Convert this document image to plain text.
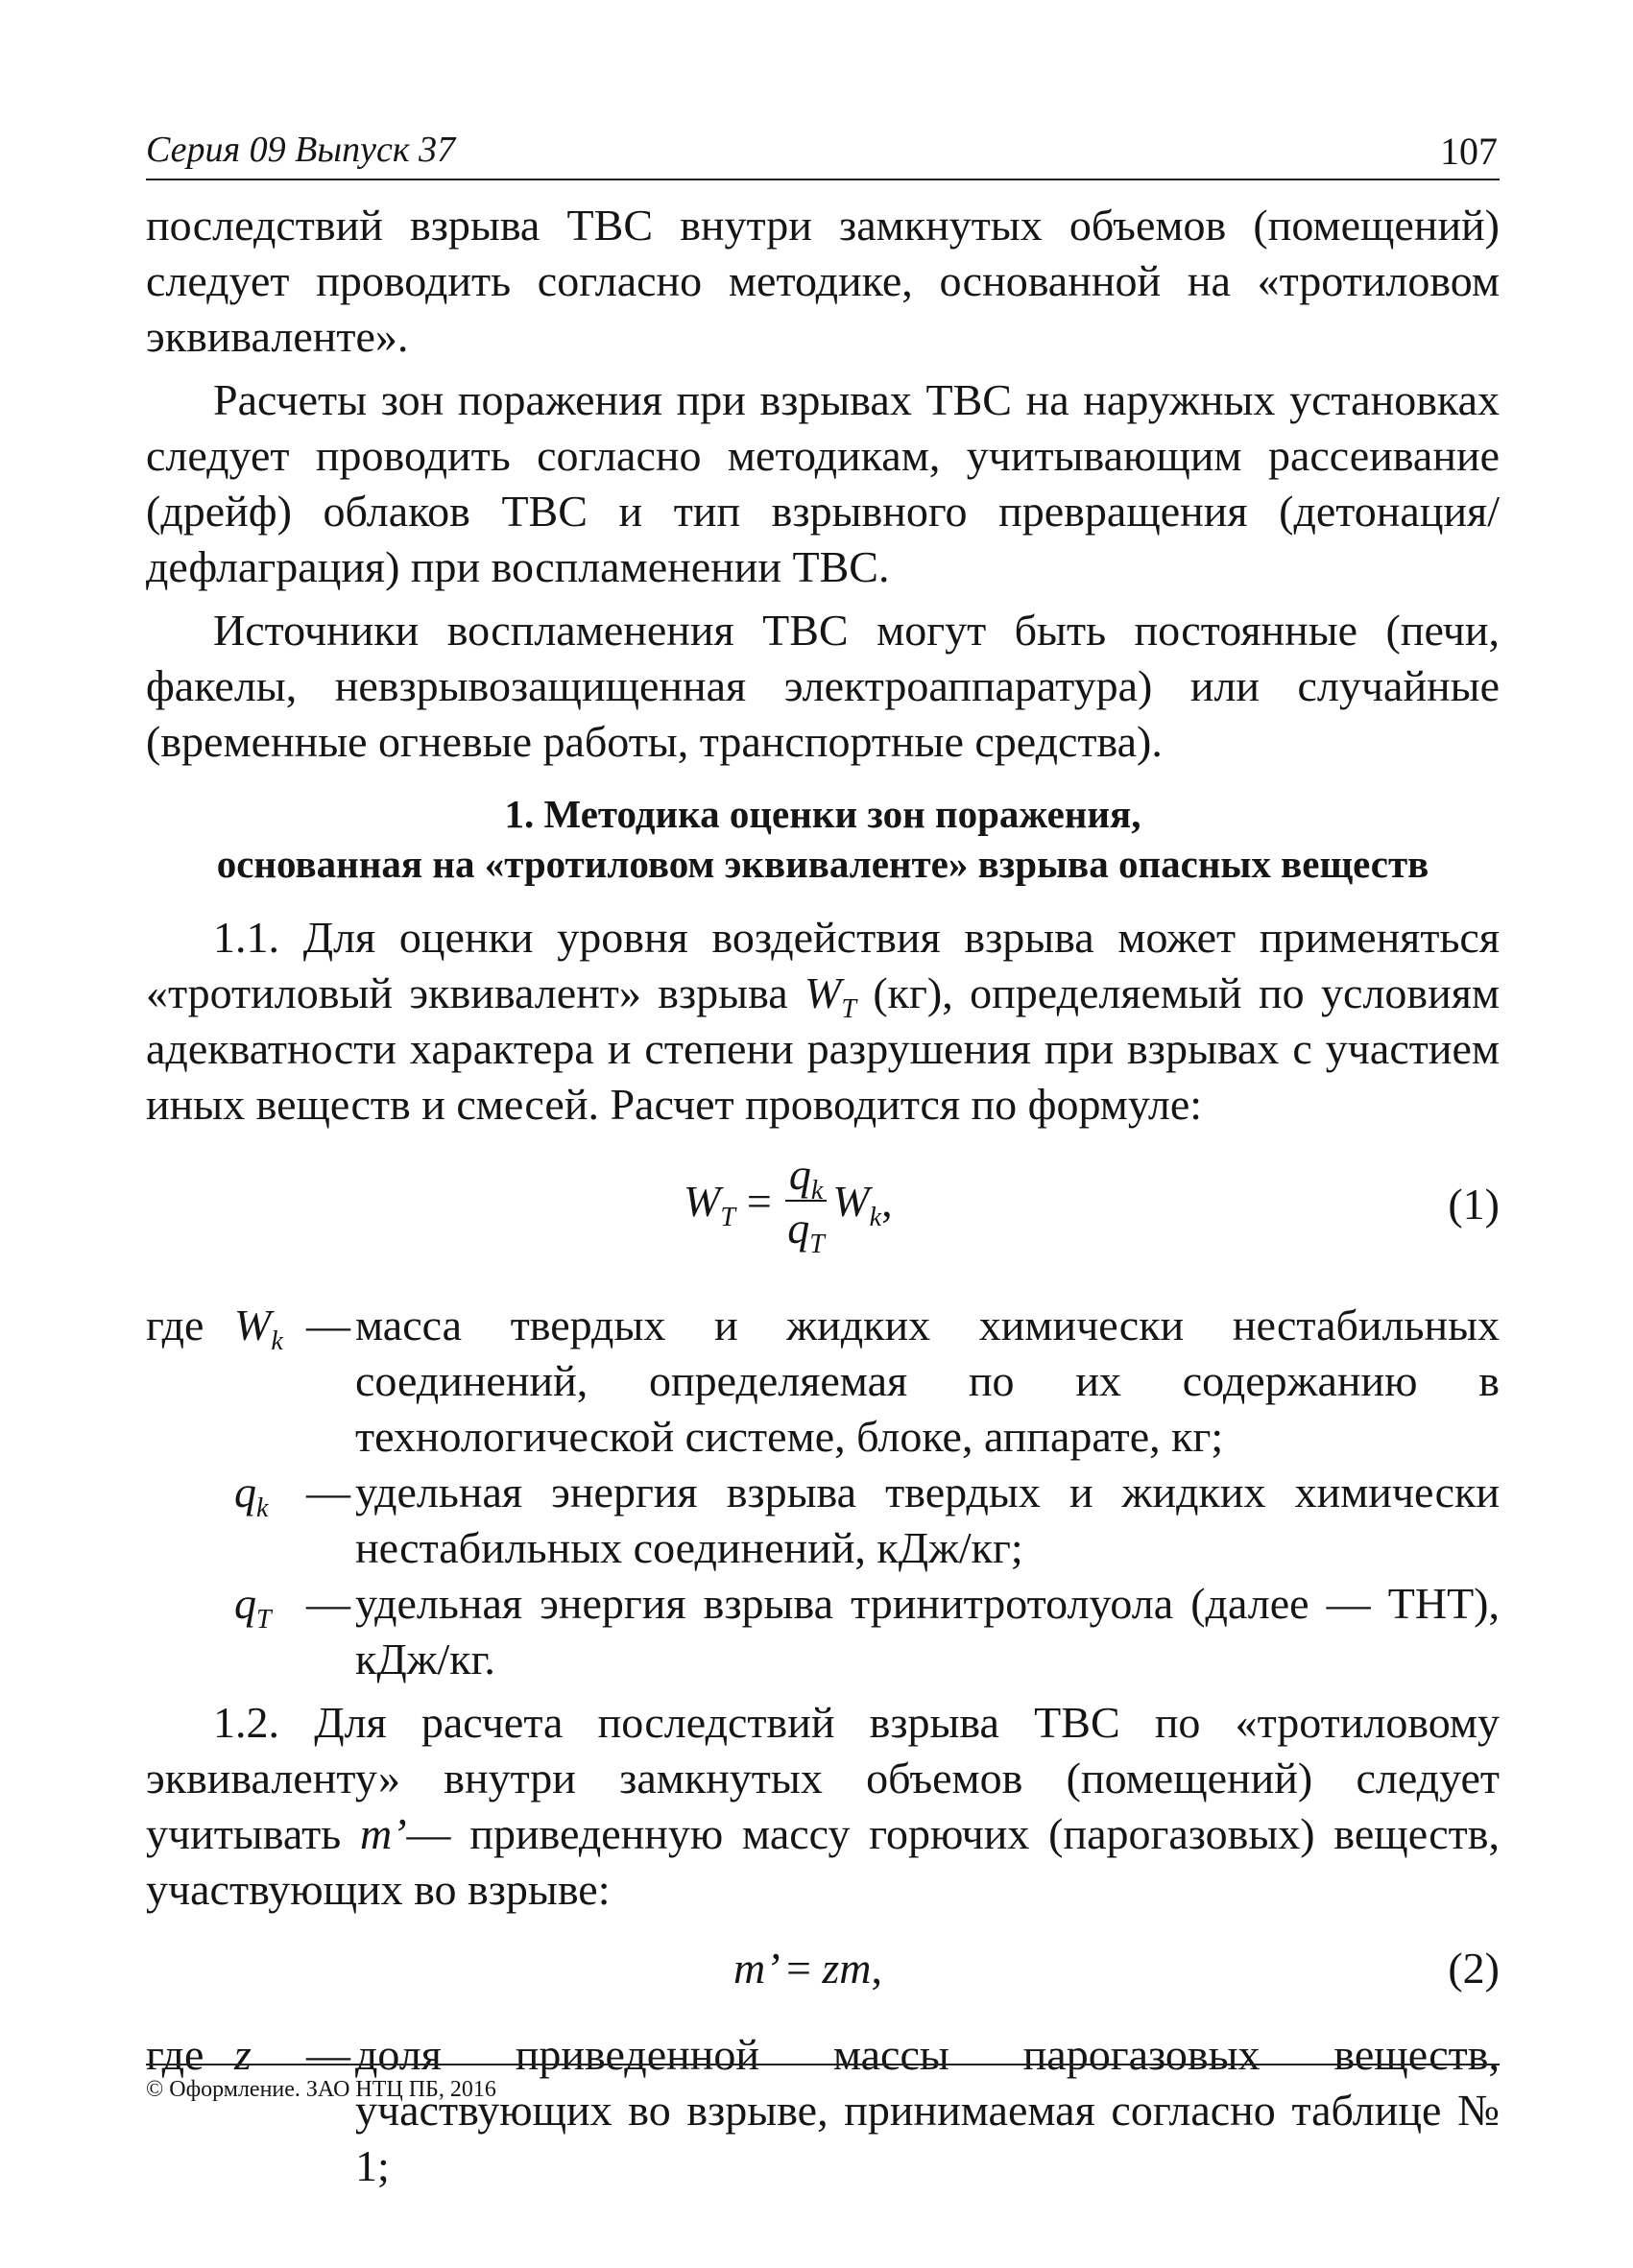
Серия 09 Выпуск 37	107

последствий взрыва ТВС внутри замкнутых объемов (помещений) следует проводить согласно методике, основанной на «тротиловом эквиваленте».

Расчеты зон поражения при взрывах ТВС на наружных установках следует проводить согласно методикам, учитывающим рассеивание (дрейф) облаков ТВС и тип взрывного превращения (детонация/дефлаграция) при воспламенении ТВС.

Источники воспламенения ТВС могут быть постоянные (печи, факелы, невзрывозащищенная электроаппаратура) или случайные (временные огневые работы, транспортные средства).

1. Методика оценки зон поражения,
основанная на «тротиловом эквиваленте» взрыва опасных веществ

1.1. Для оценки уровня воздействия взрыва может применяться «тротиловый эквивалент» взрыва $W_T$ (кг), определяемый по условиям адекватности характера и степени разрушения при взрывах с участием иных веществ и смесей. Расчет проводится по формуле:

$W_T = \frac{q_k}{q_T} W_k$,	(1)
где $W_k$ — масса твердых и жидких химически нестабильных соединений, определяемая по их содержанию в технологической системе, блоке, аппарате, кг;
$q_k$ — удельная энергия взрыва твердых и жидких химически нестабильных соединений, кДж/кг;
$q_T$ — удельная энергия взрыва тринитротолуола (далее — ТНТ), кДж/кг.

1.2. Для расчета последствий взрыва ТВС по «тротиловому эквиваленту» внутри замкнутых объемов (помещений) следует учитывать m’— приведенную массу горючих (парогазовых) веществ, участвующих во взрыве:

m’ = zm,	(2)
где z	— доля приведенной массы парогазовых веществ, участвующих во взрыве, принимаемая согласно таблице № 1;
© Оформление. ЗАО НТЦ ПБ, 2016
